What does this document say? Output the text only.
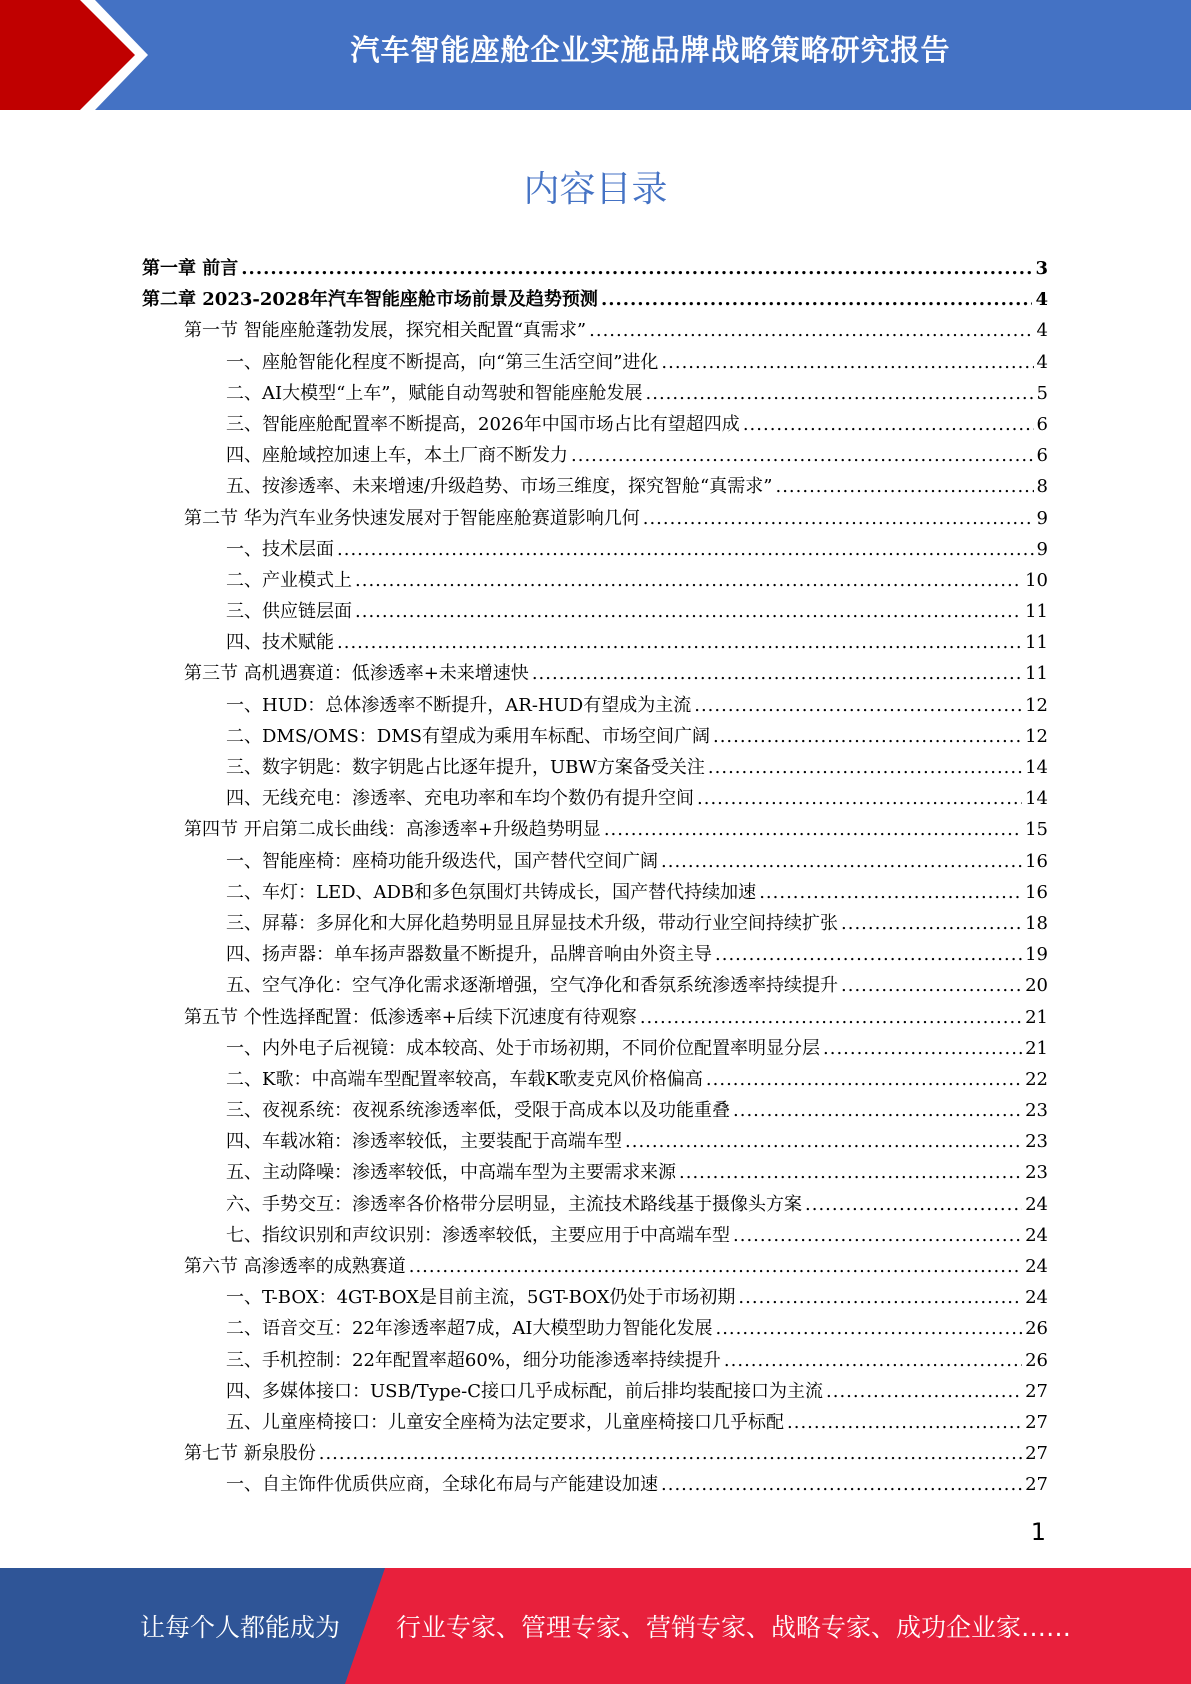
汽车智能座舱企业实施品牌战略策略研究报告
内容目录
第一章 前言 .....	3
第二章 2023-2028年汽车智能座舱市场前景及趋势预测 .....	4
第一节 智能座舱蓬勃发展，探究相关配置“真需求” .....	4
一、座舱智能化程度不断提高，向“第三生活空间”进化 .....	4
二、AI大模型“上车”，赋能自动驾驶和智能座舱发展 .....	5
三、智能座舱配置率不断提高，2026年中国市场占比有望超四成 .....	6
四、座舱域控加速上车，本土厂商不断发力 .....	6
五、按渗透率、未来增速/升级趋势、市场三维度，探究智舱“真需求” .....	8
第二节 华为汽车业务快速发展对于智能座舱赛道影响几何 .....	9
一、技术层面 .....	9
二、产业模式上 .....	10
三、供应链层面 .....	11
四、技术赋能 .....	11
第三节 高机遇赛道：低渗透率+未来增速快 .....	11
一、HUD：总体渗透率不断提升，AR-HUD有望成为主流 .....	12
二、DMS/OMS：DMS有望成为乘用车标配、市场空间广阔 .....	12
三、数字钥匙：数字钥匙占比逐年提升，UBW方案备受关注 .....	14
四、无线充电：渗透率、充电功率和车均个数仍有提升空间 .....	14
第四节 开启第二成长曲线：高渗透率+升级趋势明显 .....	15
一、智能座椅：座椅功能升级迭代，国产替代空间广阔 .....	16
二、车灯：LED、ADB和多色氛围灯共铸成长，国产替代持续加速 .....	16
三、屏幕：多屏化和大屏化趋势明显且屏显技术升级，带动行业空间持续扩张 .....	18
四、扬声器：单车扬声器数量不断提升，品牌音响由外资主导 .....	19
五、空气净化：空气净化需求逐渐增强，空气净化和香氛系统渗透率持续提升 .....	20
第五节 个性选择配置：低渗透率+后续下沉速度有待观察 .....	21
一、内外电子后视镜：成本较高、处于市场初期，不同价位配置率明显分层 .....	21
二、K歌：中高端车型配置率较高，车载K歌麦克风价格偏高 .....	22
三、夜视系统：夜视系统渗透率低，受限于高成本以及功能重叠 .....	23
四、车载冰箱：渗透率较低，主要装配于高端车型 .....	23
五、主动降噪：渗透率较低，中高端车型为主要需求来源 .....	23
六、手势交互：渗透率各价格带分层明显，主流技术路线基于摄像头方案 .....	24
七、指纹识别和声纹识别：渗透率较低，主要应用于中高端车型 .....	24
第六节 高渗透率的成熟赛道 .....	24
一、T-BOX：4GT-BOX是目前主流，5GT-BOX仍处于市场初期 .....	24
二、语音交互：22年渗透率超7成，AI大模型助力智能化发展 .....	26
三、手机控制：22年配置率超60%，细分功能渗透率持续提升 .....	26
四、多媒体接口：USB/Type-C接口几乎成标配，前后排均装配接口为主流 .....	27
五、儿童座椅接口：儿童安全座椅为法定要求，儿童座椅接口几乎标配 .....	27
第七节 新泉股份 .....	27
一、自主饰件优质供应商，全球化布局与产能建设加速 .....	27
1
让每个人都能成为 行业专家、管理专家、营销专家、战略专家、成功企业家……
